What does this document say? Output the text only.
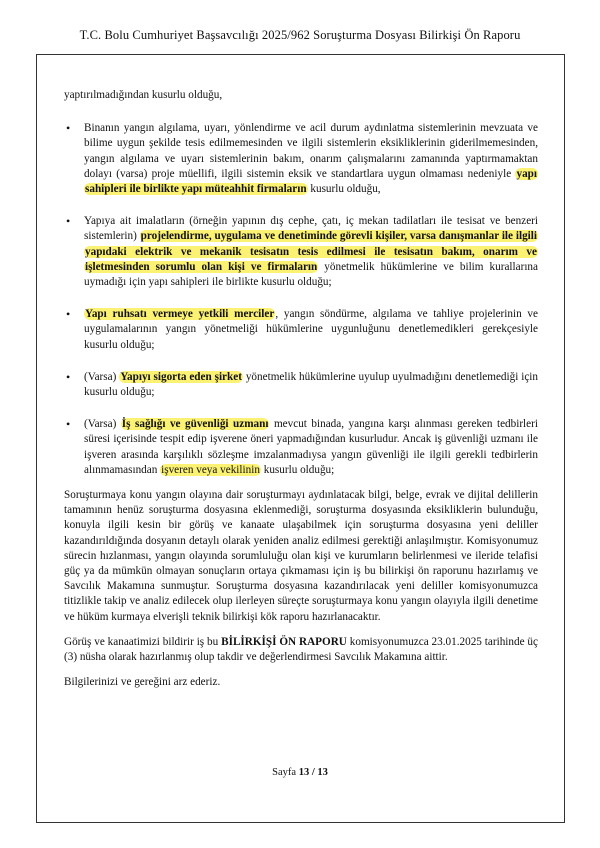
T.C. Bolu Cumhuriyet Başsavcılığı 2025/962 Soruşturma Dosyası Bilirkişi Ön Raporu

yaptırılmadığından kusurlu olduğu,

• Binanın yangın algılama, uyarı, yönlendirme ve acil durum aydınlatma sistemlerinin mevzuata ve bilime uygun şekilde tesis edilmemesinden ve ilgili sistemlerin eksikliklerinin giderilmemesinden, yangın algılama ve uyarı sistemlerinin bakım, onarım çalışmalarını zamanında yaptırmamaktan dolayı (varsa) proje müellifi, ilgili sistemin eksik ve standartlara uygun olmaması nedeniyle yapı sahipleri ile birlikte yapı müteahhit firmaların kusurlu olduğu,
• Yapıya ait imalatların (örneğin yapının dış cephe, çatı, iç mekan tadilatları ile tesisat ve benzeri sistemlerin) projelendirme, uygulama ve denetiminde görevli kişiler, varsa danışmanlar ile ilgili yapıdaki elektrik ve mekanik tesisatın tesis edilmesi ile tesisatın bakım, onarım ve işletmesinden sorumlu olan kişi ve firmaların yönetmelik hükümlerine ve bilim kurallarına uymadığı için yapı sahipleri ile birlikte kusurlu olduğu;
• Yapı ruhsatı vermeye yetkili merciler, yangın söndürme, algılama ve tahliye projelerinin ve uygulamalarının yangın yönetmeliği hükümlerine uygunluğunu denetlemedikleri gerekçesiyle kusurlu olduğu;
• (Varsa) Yapıyı sigorta eden şirket yönetmelik hükümlerine uyulup uyulmadığını denetlemediği için kusurlu olduğu;
• (Varsa) İş sağlığı ve güvenliği uzmanı mevcut binada, yangına karşı alınması gereken tedbirleri süresi içerisinde tespit edip işverene öneri yapmadığından kusurludur. Ancak iş güvenliği uzmanı ile işveren arasında karşılıklı sözleşme imzalanmadıysa yangın güvenliği ile ilgili gerekli tedbirlerin alınmamasından işveren veya vekilinin kusurlu olduğu;

Soruşturmaya konu yangın olayına dair soruşturmayı aydınlatacak bilgi, belge, evrak ve dijital delillerin tamamının henüz soruşturma dosyasına eklenmediği, soruşturma dosyasında eksikliklerin bulunduğu, konuyla ilgili kesin bir görüş ve kanaate ulaşabilmek için soruşturma dosyasına yeni deliller kazandırıldığında dosyanın detaylı olarak yeniden analiz edilmesi gerektiği anlaşılmıştır. Komisyonumuz sürecin hızlanması, yangın olayında sorumluluğu olan kişi ve kurumların belirlenmesi ve ileride telafisi güç ya da mümkün olmayan sonuçların ortaya çıkmaması için iş bu bilirkişi ön raporunu hazırlamış ve Savcılık Makamına sunmuştur. Soruşturma dosyasına kazandırılacak yeni deliller komisyonumuzca titizlikle takip ve analiz edilecek olup ilerleyen süreçte soruşturmaya konu yangın olayıyla ilgili denetime ve hüküm kurmaya elverişli teknik bilirkişi kök raporu hazırlanacaktır.

Görüş ve kanaatimizi bildirir iş bu BİLİRKİŞİ ÖN RAPORU komisyonumuzca 23.01.2025 tarihinde üç (3) nüsha olarak hazırlanmış olup takdir ve değerlendirmesi Savcılık Makamına aittir.

Bilgilerinizi ve gereğini arz ederiz.

Sayfa 13 / 13
